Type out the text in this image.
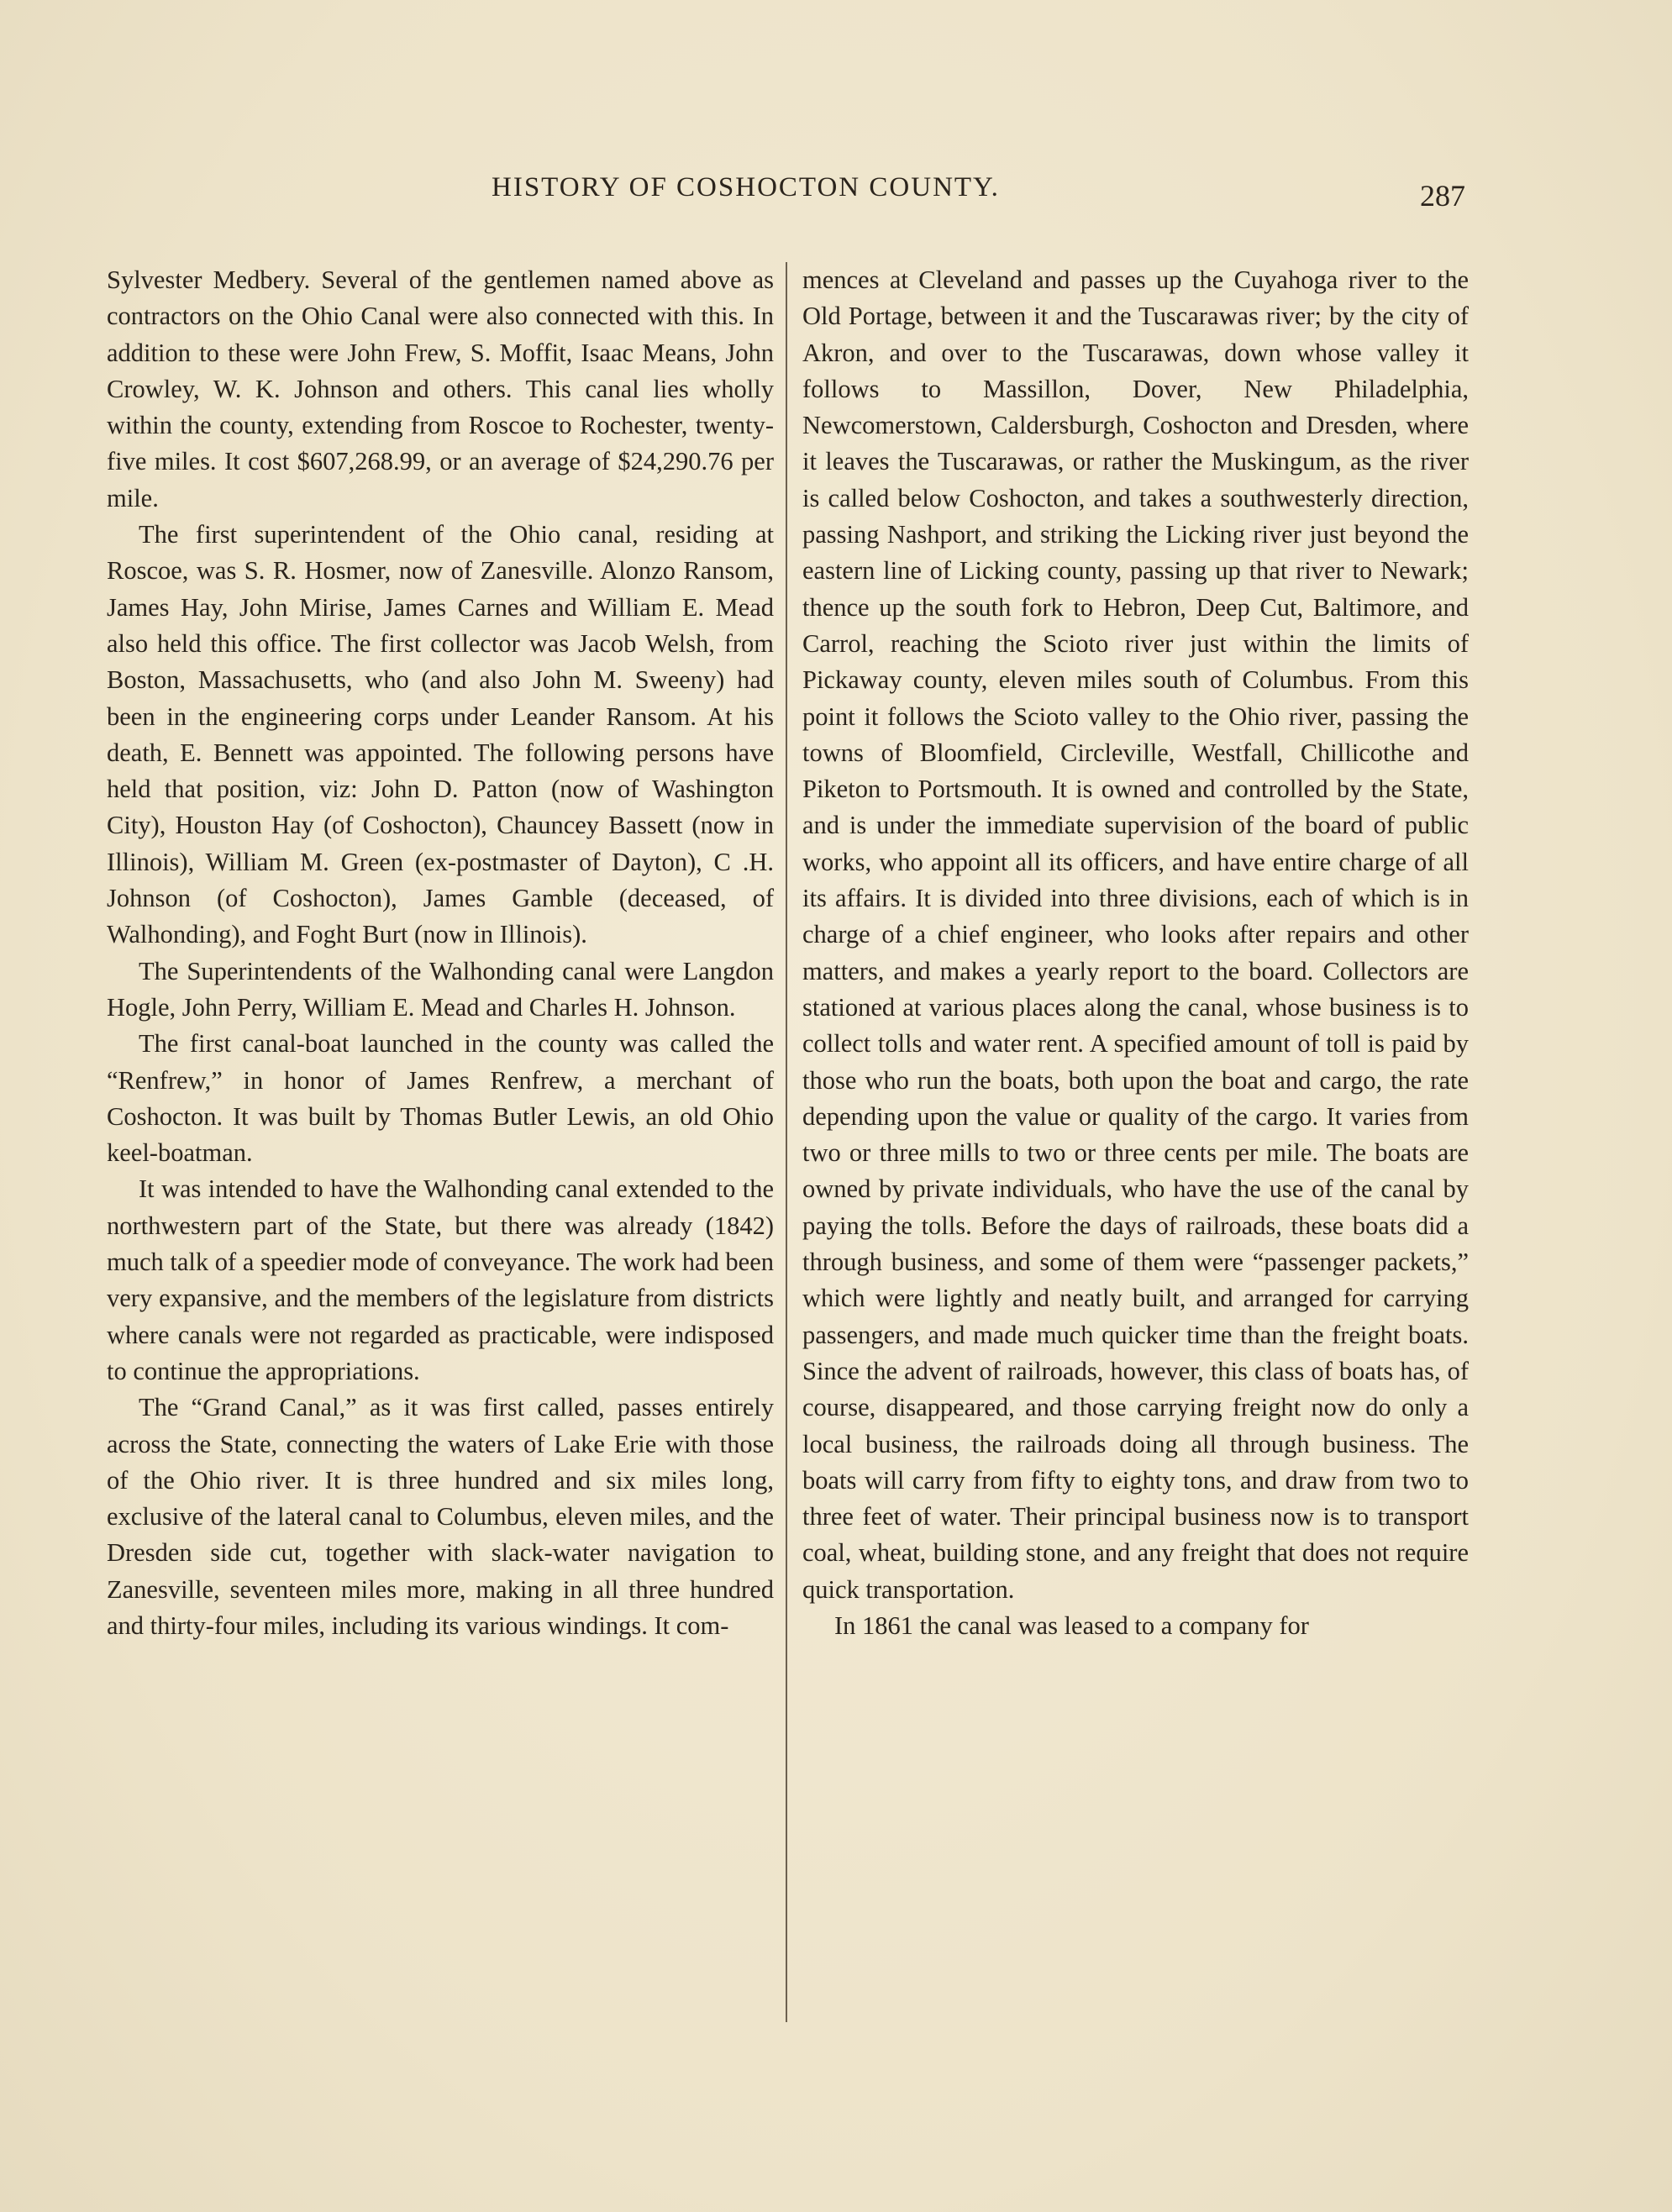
HISTORY OF COSHOCTON COUNTY.	287

Sylvester Medbery. Several of the gentlemen named above as contractors on the Ohio Canal were also connected with this. In addition to these were John Frew, S. Moffit, Isaac Means, John Crowley, W. K. Johnson and others. This canal lies wholly within the county, extending from Roscoe to Rochester, twenty-five miles. It cost $607,268.99, or an average of $24,290.76 per mile.

The first superintendent of the Ohio canal, residing at Roscoe, was S. R. Hosmer, now of Zanesville. Alonzo Ransom, James Hay, John Mirise, James Carnes and William E. Mead also held this office. The first collector was Jacob Welsh, from Boston, Massachusetts, who (and also John M. Sweeny) had been in the engineering corps under Leander Ransom. At his death, E. Bennett was appointed. The following persons have held that position, viz: John D. Patton (now of Washington City), Houston Hay (of Coshocton), Chauncey Bassett (now in Illinois), William M. Green (ex-postmaster of Dayton), C .H. Johnson (of Coshocton), James Gamble (deceased, of Walhonding), and Foght Burt (now in Illinois).

The Superintendents of the Walhonding canal were Langdon Hogle, John Perry, William E. Mead and Charles H. Johnson.

The first canal-boat launched in the county was called the “Renfrew,” in honor of James Renfrew, a merchant of Coshocton. It was built by Thomas Butler Lewis, an old Ohio keel-boatman.

It was intended to have the Walhonding canal extended to the northwestern part of the State, but there was already (1842) much talk of a speedier mode of conveyance. The work had been very expansive, and the members of the legislature from districts where canals were not regarded as practicable, were indisposed to continue the appropriations.

The “Grand Canal,” as it was first called, passes entirely across the State, connecting the waters of Lake Erie with those of the Ohio river. It is three hundred and six miles long, exclusive of the lateral canal to Columbus, eleven miles, and the Dresden side cut, together with slack-water navigation to Zanesville, seventeen miles more, making in all three hundred and thirty-four miles, including its various windings. It com-

mences at Cleveland and passes up the Cuyahoga river to the Old Portage, between it and the Tuscarawas river; by the city of Akron, and over to the Tuscarawas, down whose valley it follows to Massillon, Dover, New Philadelphia, Newcomerstown, Caldersburgh, Coshocton and Dresden, where it leaves the Tuscarawas, or rather the Muskingum, as the river is called below Coshocton, and takes a southwesterly direction, passing Nashport, and striking the Licking river just beyond the eastern line of Licking county, passing up that river to Newark; thence up the south fork to Hebron, Deep Cut, Baltimore, and Carrol, reaching the Scioto river just within the limits of Pickaway county, eleven miles south of Columbus. From this point it follows the Scioto valley to the Ohio river, passing the towns of Bloomfield, Circleville, Westfall, Chillicothe and Piketon to Portsmouth. It is owned and controlled by the State, and is under the immediate supervision of the board of public works, who appoint all its officers, and have entire charge of all its affairs. It is divided into three divisions, each of which is in charge of a chief engineer, who looks after repairs and other matters, and makes a yearly report to the board. Collectors are stationed at various places along the canal, whose business is to collect tolls and water rent. A specified amount of toll is paid by those who run the boats, both upon the boat and cargo, the rate depending upon the value or quality of the cargo. It varies from two or three mills to two or three cents per mile. The boats are owned by private individuals, who have the use of the canal by paying the tolls. Before the days of railroads, these boats did a through business, and some of them were “passenger packets,” which were lightly and neatly built, and arranged for carrying passengers, and made much quicker time than the freight boats. Since the advent of railroads, however, this class of boats has, of course, disappeared, and those carrying freight now do only a local business, the railroads doing all through business. The boats will carry from fifty to eighty tons, and draw from two to three feet of water. Their principal business now is to transport coal, wheat, building stone, and any freight that does not require quick transportation.

In 1861 the canal was leased to a company for
